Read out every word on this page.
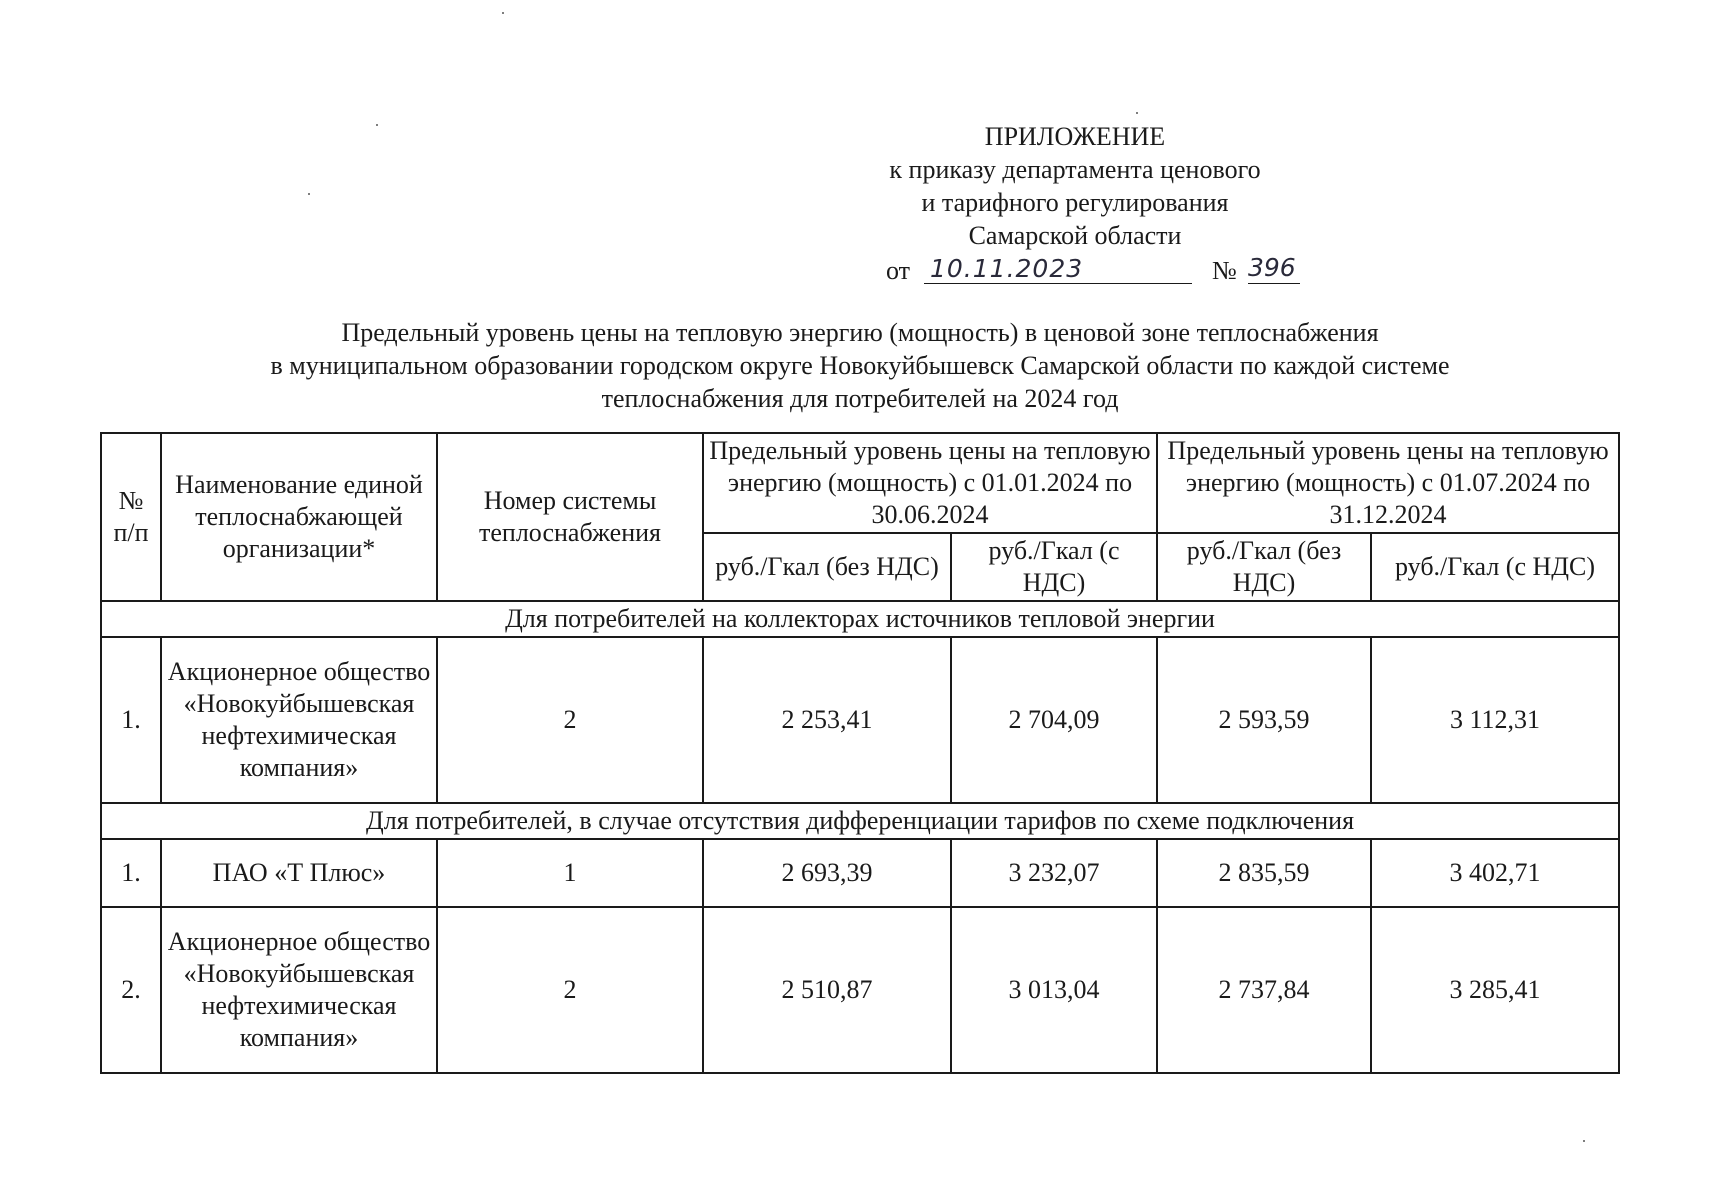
ПРИЛОЖЕНИЕ
к приказу департамента ценового
и тарифного регулирования
Самарской области
от 10.11.2023	№ 396
Предельный уровень цены на тепловую энергию (мощность) в ценовой зоне теплоснабжения
в муниципальном образовании городском округе Новокуйбышевск Самарской области по каждой системе
теплоснабжения для потребителей на 2024 год
№ п/п	Наименование единой теплоснабжающей организации*	Номер системы теплоснабжения	Предельный уровень цены на тепловую энергию (мощность) с 01.01.2024 по 30.06.2024		Предельный уровень цены на тепловую энергию (мощность) с 01.07.2024 по 31.12.2024	
			руб./Гкал (без НДС)	руб./Гкал (с НДС)	руб./Гкал (без НДС)	руб./Гкал (с НДС)
Для потребителей на коллекторах источников тепловой энергии						
1.	Акционерное общество «Новокуйбышевская нефтехимическая компания»	2	2 253,41	2 704,09	2 593,59	3 112,31
Для потребителей, в случае отсутствия дифференциации тарифов по схеме подключения						
1.	ПАО «Т Плюс»	1	2 693,39	3 232,07	2 835,59	3 402,71
2.	Акционерное общество «Новокуйбышевская нефтехимическая компания»	2	2 510,87	3 013,04	2 737,84	3 285,41
